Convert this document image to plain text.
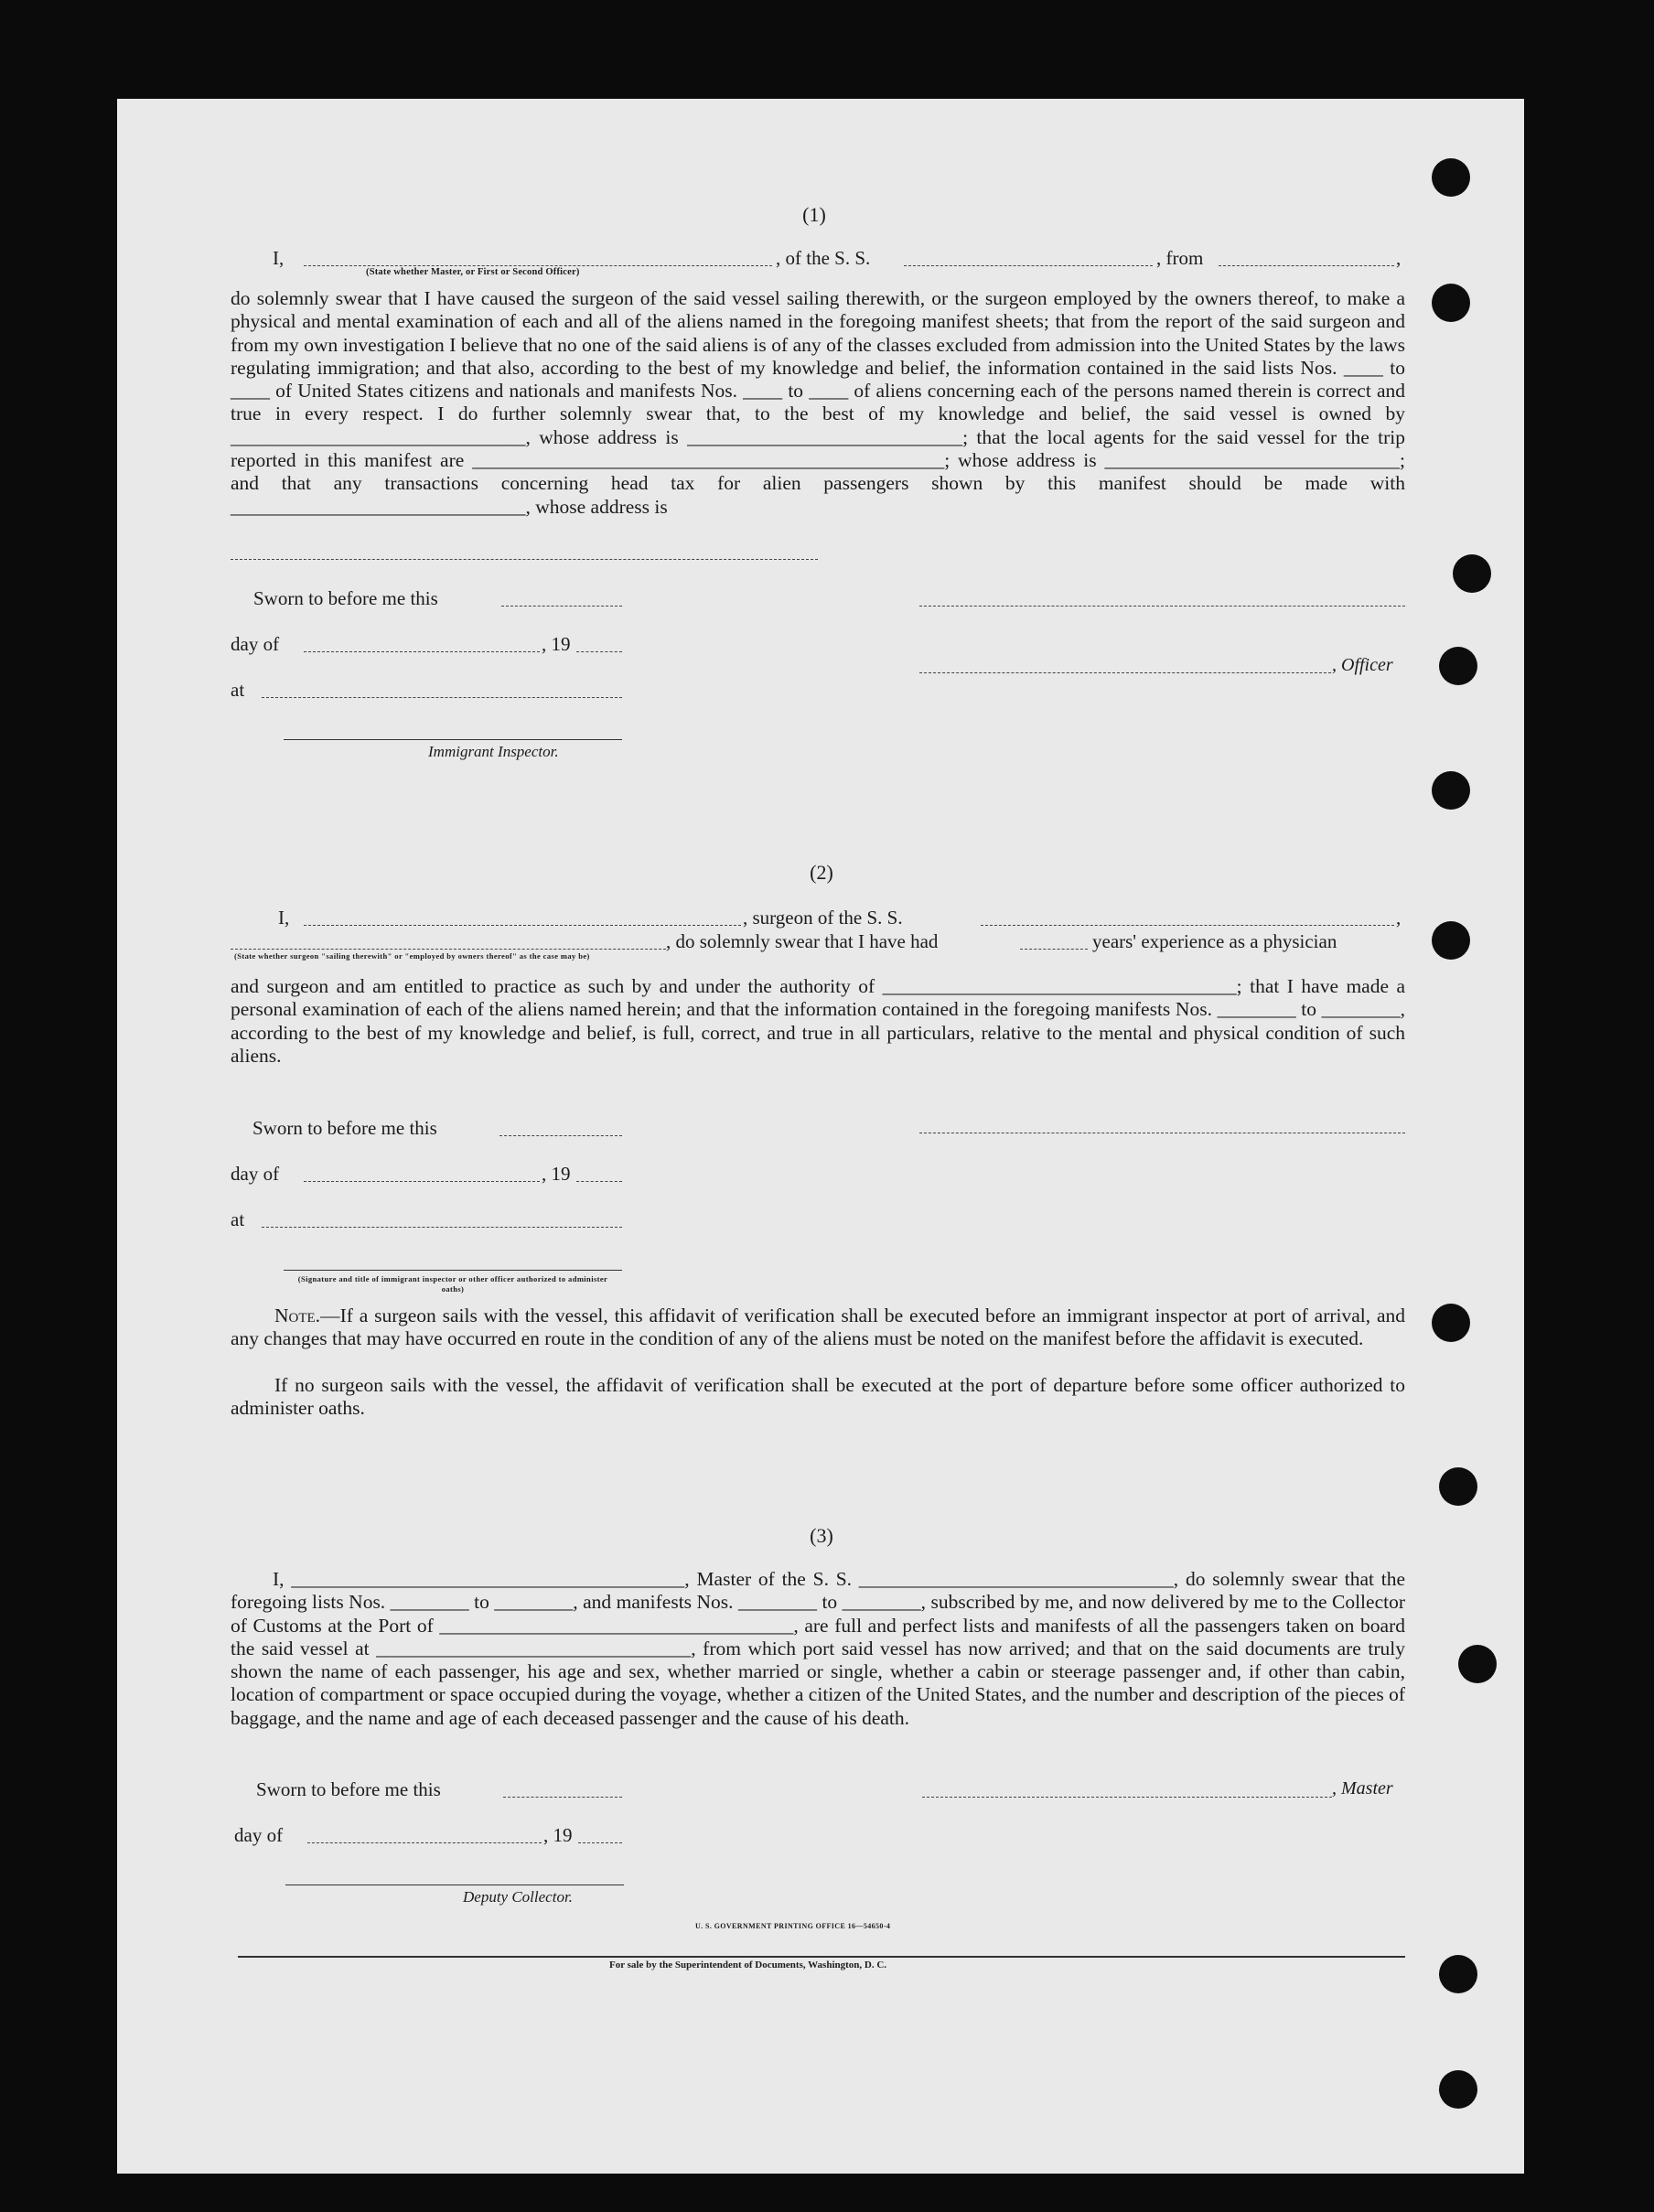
(1)
I,	, of the S. S.	, from	,
(State whether Master, or First or Second Officer)
do solemnly swear that I have caused the surgeon of the said vessel sailing therewith, or the surgeon employed by the owners thereof, to make a physical and mental examination of each and all of the aliens named in the foregoing manifest sheets; that from the report of the said surgeon and from my own investigation I believe that no one of the said aliens is of any of the classes excluded from admission into the United States by the laws regulating immigration; and that also, according to the best of my knowledge and belief, the information contained in the said lists Nos. ____ to ____ of United States citizens and nationals and manifests Nos. ____ to ____ of aliens concerning each of the persons named therein is correct and true in every respect. I do further solemnly swear that, to the best of my knowledge and belief, the said vessel is owned by ______________________________, whose address is ____________________________; that the local agents for the said vessel for the trip reported in this manifest are ________________________________________________; whose address is ______________________________; and that any transactions concerning head tax for alien passengers shown by this manifest should be made with ______________________________, whose address is
Sworn to before me this
day of	, 19
, Officer
at
Immigrant Inspector.
(2)
I,	, surgeon of the S. S.	,
, do solemnly swear that I have had	years' experience as a physician
(State whether surgeon "sailing therewith" or "employed by owners thereof" as the case may be)
and surgeon and am entitled to practice as such by and under the authority of ____________________________________; that I have made a personal examination of each of the aliens named herein; and that the information contained in the foregoing manifests Nos. ________ to ________, according to the best of my knowledge and belief, is full, correct, and true in all particulars, relative to the mental and physical condition of such aliens.
Sworn to before me this
day of	, 19
at
(Signature and title of immigrant inspector or other officer authorized to administer oaths)
Note.—If a surgeon sails with the vessel, this affidavit of verification shall be executed before an immigrant inspector at port of arrival, and any changes that may have occurred en route in the condition of any of the aliens must be noted on the manifest before the affidavit is executed.
If no surgeon sails with the vessel, the affidavit of verification shall be executed at the port of departure before some officer authorized to administer oaths.
(3)
I, ________________________________________, Master of the S. S. ________________________________, do solemnly swear that the foregoing lists Nos. ________ to ________, and manifests Nos. ________ to ________, subscribed by me, and now delivered by me to the Collector of Customs at the Port of ____________________________________, are full and perfect lists and manifests of all the passengers taken on board the said vessel at ________________________________, from which port said vessel has now arrived; and that on the said documents are truly shown the name of each passenger, his age and sex, whether married or single, whether a cabin or steerage passenger and, if other than cabin, location of compartment or space occupied during the voyage, whether a citizen of the United States, and the number and description of the pieces of baggage, and the name and age of each deceased passenger and the cause of his death.
Sworn to before me this	, Master
day of	, 19
Deputy Collector.
U. S. GOVERNMENT PRINTING OFFICE 16—54650-4
For sale by the Superintendent of Documents, Washington, D. C.
